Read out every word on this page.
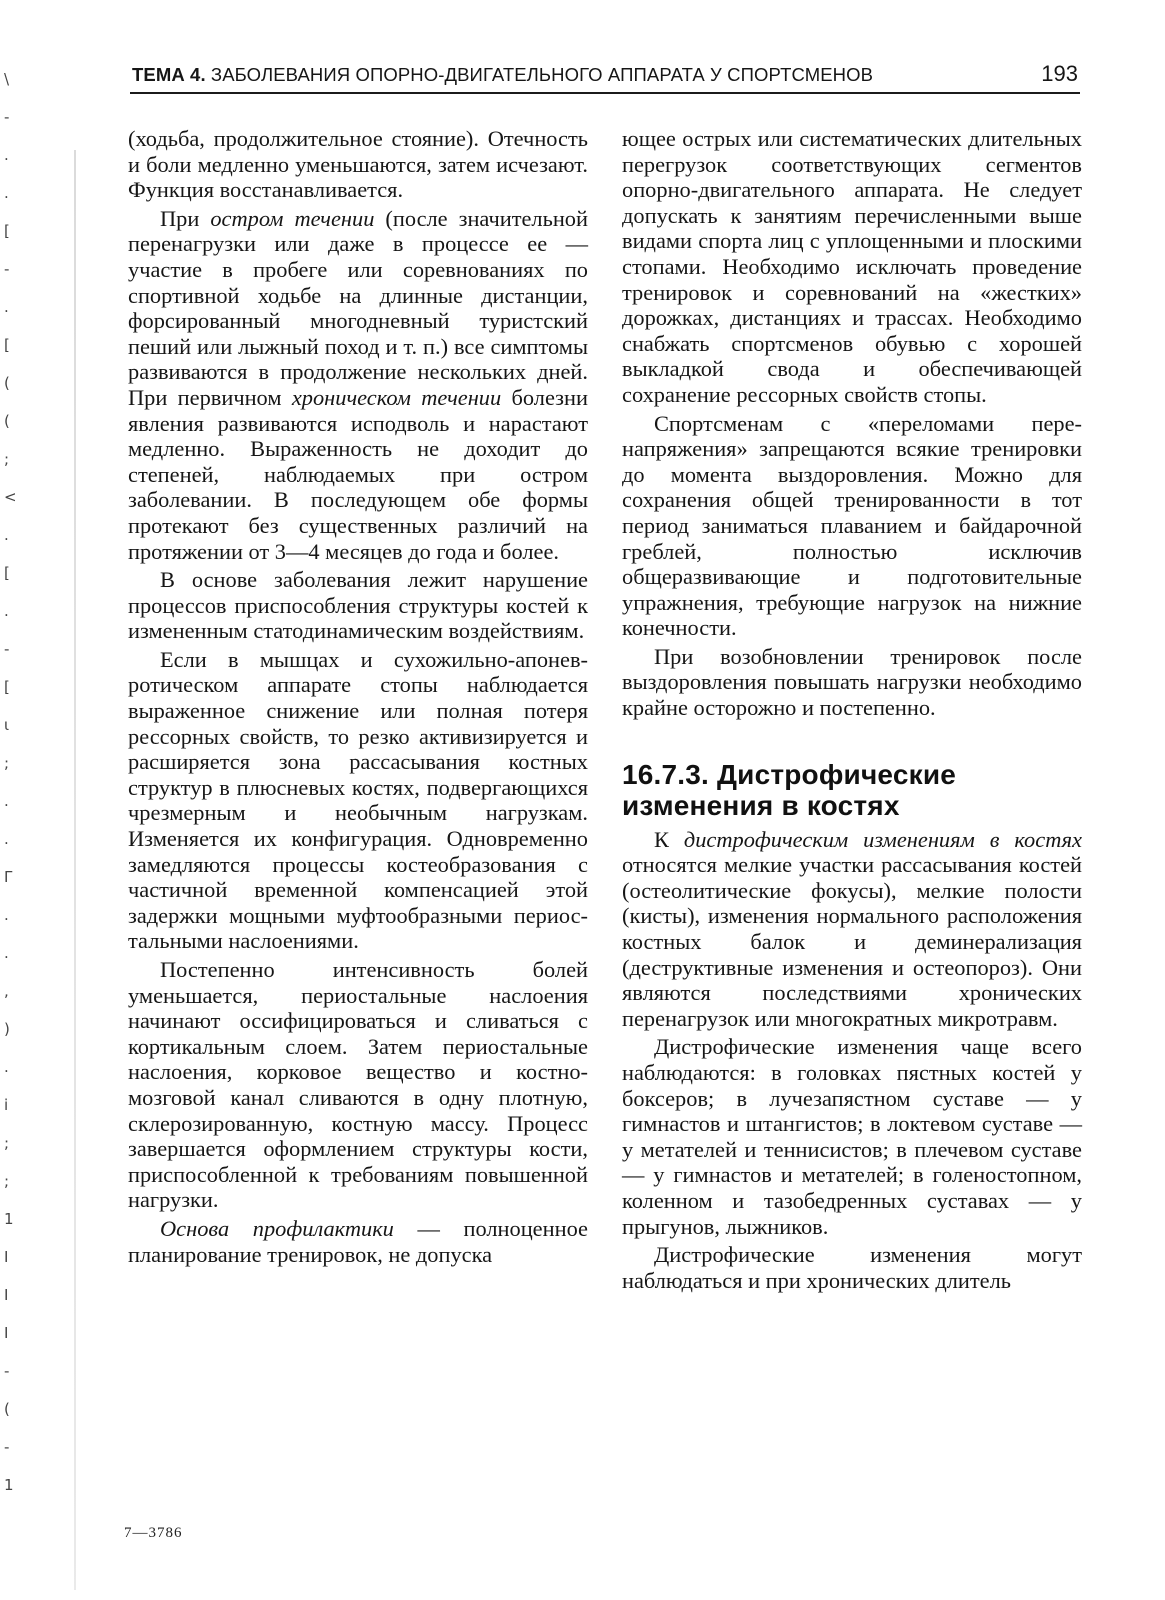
\
-
.
.
[
-
.
[
(
(
;
<
.
[
.
-
[
ι
;
.
.
Γ
.
.
,
)
.
i
;
;
1
I
I
I
-
(
-
1
ТЕМА 4. ЗАБОЛЕВАНИЯ ОПОРНО-ДВИГАТЕЛЬНОГО АППАРАТА У СПОРТСМЕНОВ	193

(ходьба, продолжительное стояние). Отечность и боли медленно уменьшаются, затем исчезают. Функция восстанавливается.

При остром течении (после значительной перенагрузки или даже в процессе ее — участие в пробеге или соревнованиях по спортивной ходьбе на длинные дистанции, форсированный многодневный туристский пеший или лыжный поход и т. п.) все симптомы развиваются в продолжение нескольких дней. При первичном хроническом течении болезни явления развиваются исподволь и нарастают медленно. Выраженность не доходит до степеней, наблюдаемых при остром заболевании. В последующем обе формы протекают без существенных различий на протяжении от 3—4 месяцев до года и более.

В основе заболевания лежит нарушение процессов приспособления структуры костей к измененным статодинамическим воздействиям.

Если в мышцах и сухожильно-апоневротическом аппарате стопы наблюдается выраженное снижение или полная потеря рессорных свойств, то резко активизируется и расширяется зона рассасывания костных структур в плюсневых костях, подвергающихся чрезмерным и необычным нагрузкам. Изменяется их конфигурация. Одновременно замедляются процессы костеобразования с частичной временной компенсацией этой задержки мощными муфтообразными периостальными наслоениями.

Постепенно интенсивность болей уменьшается, периостальные наслоения начинают оссифицироваться и сливаться с кортикальным слоем. Затем периостальные наслоения, корковое вещество и костно-мозговой канал сливаются в одну плотную, склерозированную, костную массу. Процесс завершается оформлением структуры кости, приспособленной к требованиям повышенной нагрузки.

Основа профилактики — полноценное планирование тренировок, не допуска

ющее острых или систематических длительных перегрузок соответствующих сегментов опорно-двигательного аппарата. Не следует допускать к занятиям перечисленными выше видами спорта лиц с уплощенными и плоскими стопами. Необходимо исключать проведение тренировок и соревнований на «жестких» дорожках, дистанциях и трассах. Необходимо снабжать спортсменов обувью с хорошей выкладкой свода и обеспечивающей сохранение рессорных свойств стопы.

Спортсменам с «переломами перенапряжения» запрещаются всякие тренировки до момента выздоровления. Можно для сохранения общей тренированности в тот период заниматься плаванием и байдарочной греблей, полностью исключив общеразвивающие и подготовительные упражнения, требующие нагрузок на нижние конечности.

При возобновлении тренировок после выздоровления повышать нагрузки необходимо крайне осторожно и постепенно.

16.7.3. Дистрофические
изменения в костях

К дистрофическим изменениям в костях относятся мелкие участки рассасывания костей (остеолитические фокусы), мелкие полости (кисты), изменения нормального расположения костных балок и деминерализация (деструктивные изменения и остеопороз). Они являются последствиями хронических перенагрузок или многократных микротравм.

Дистрофические изменения чаще всего наблюдаются: в головках пястных костей у боксеров; в лучезапястном суставе — у гимнастов и штангистов; в локтевом суставе — у метателей и теннисистов; в плечевом суставе — у гимнастов и метателей; в голеностопном, коленном и тазобедренных суставах — у прыгунов, лыжников.

Дистрофические изменения могут наблюдаться и при хронических длитель

7—3786
